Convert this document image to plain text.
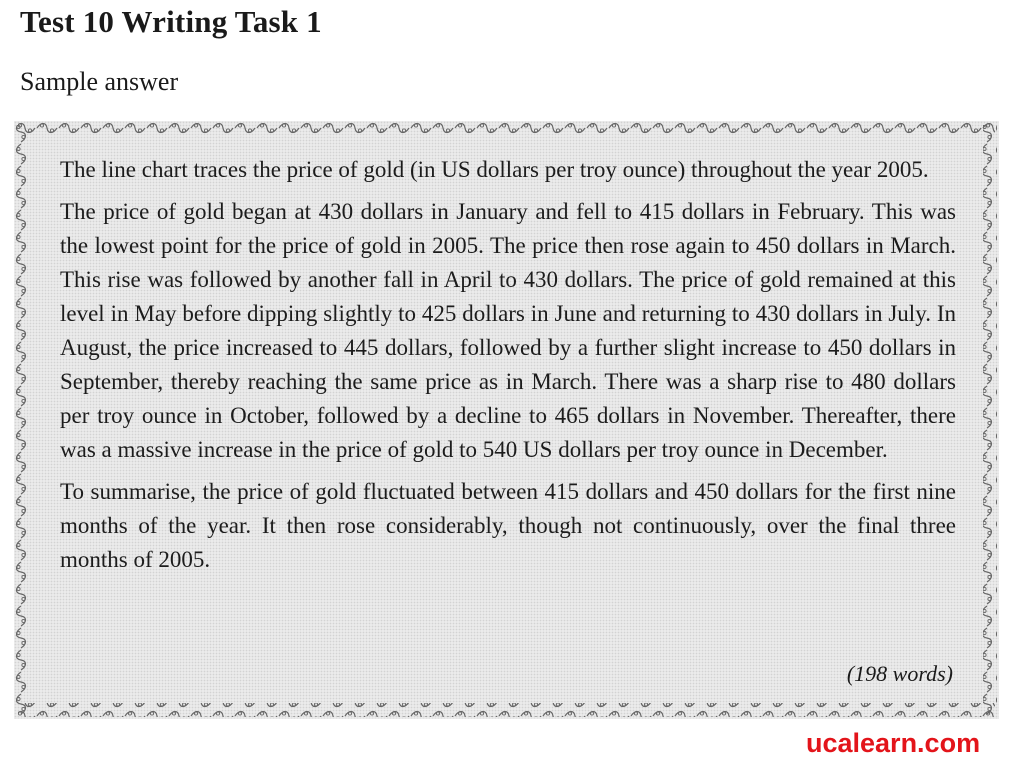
Test 10 Writing Task 1
Sample answer

The line chart traces the price of gold (in US dollars per troy ounce) throughout the year 2005.

The price of gold began at 430 dollars in January and fell to 415 dollars in February. This was the lowest point for the price of gold in 2005. The price then rose again to 450 dollars in March. This rise was followed by another fall in April to 430 dollars. The price of gold remained at this level in May before dipping slightly to 425 dollars in June and returning to 430 dollars in July. In August, the price increased to 445 dollars, followed by a further slight increase to 450 dollars in September, thereby reaching the same price as in March. There was a sharp rise to 480 dollars per troy ounce in October, followed by a decline to 465 dollars in November. Thereafter, there was a massive increase in the price of gold to 540 US dollars per troy ounce in December.

To summarise, the price of gold fluctuated between 415 dollars and 450 dollars for the first nine months of the year. It then rose considerably, though not continuously, over the final three months of 2005.

(198 words)
ucalearn.com
